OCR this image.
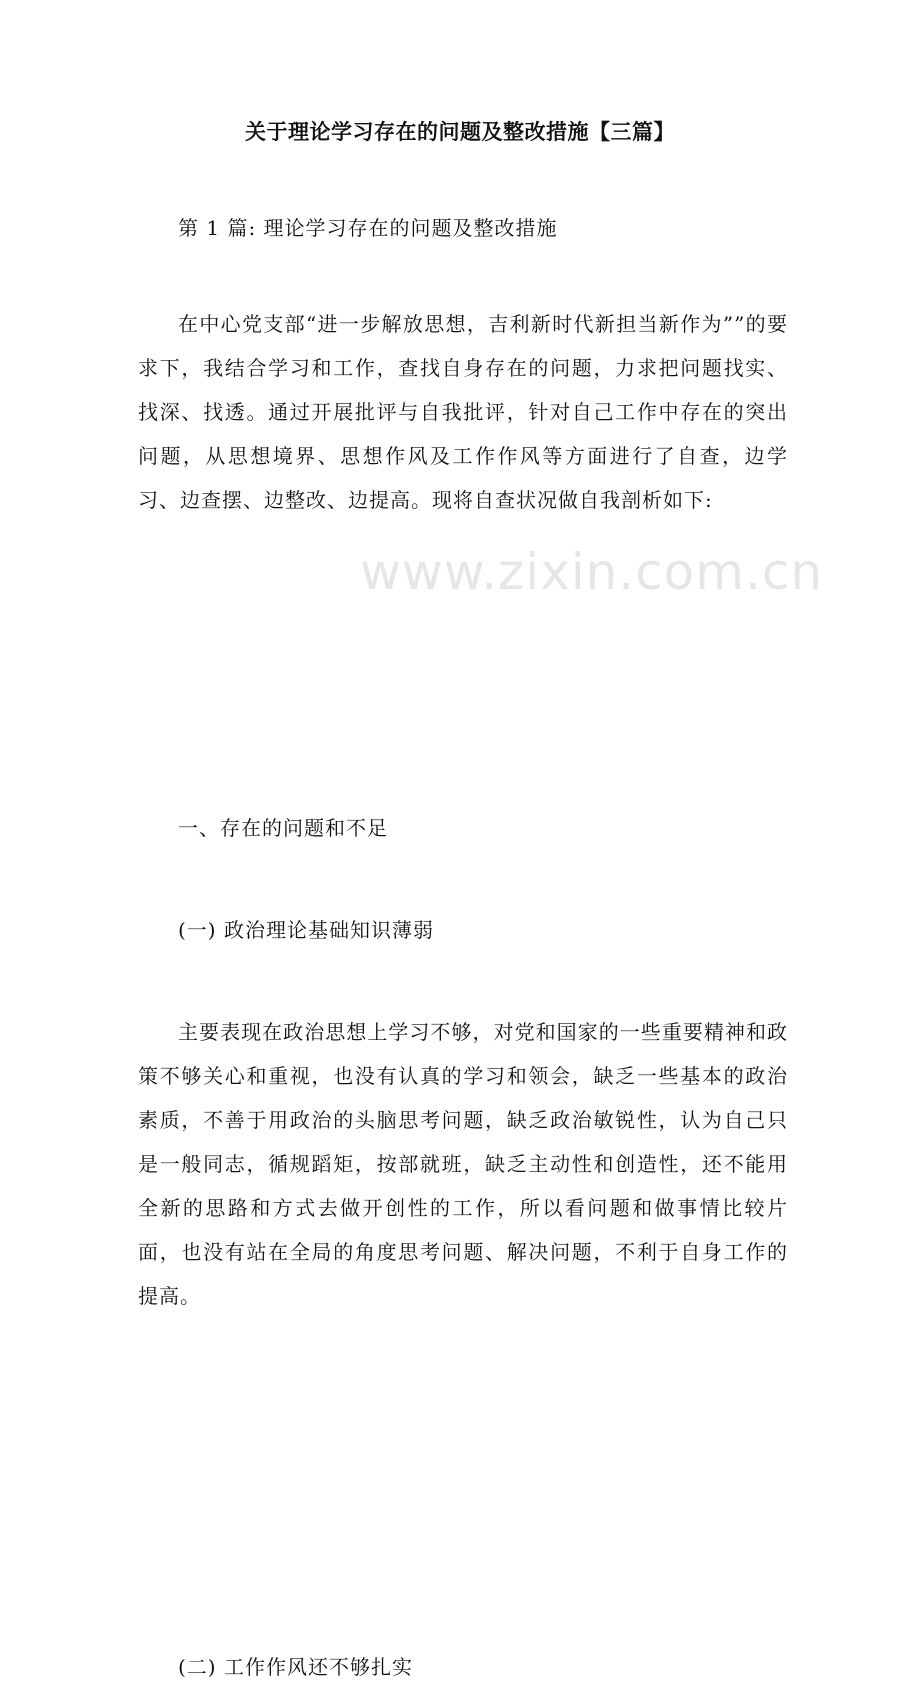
www.zixin.com.cn
关于理论学习存在的问题及整改措施【三篇】

第 1 篇: 理论学习存在的问题及整改措施

在中心党支部“进一步解放思想，吉利新时代新担当新作为””的要求下，我结合学习和工作，查找自身存在的问题，力求把问题找实、找深、找透。通过开展批评与自我批评，针对自己工作中存在的突出问题，从思想境界、思想作风及工作作风等方面进行了自查，边学习、边查摆、边整改、边提高。现将自查状况做自我剖析如下:

一、存在的问题和不足

(一) 政治理论基础知识薄弱

主要表现在政治思想上学习不够，对党和国家的一些重要精神和政策不够关心和重视，也没有认真的学习和领会，缺乏一些基本的政治素质，不善于用政治的头脑思考问题，缺乏政治敏锐性，认为自己只是一般同志，循规蹈矩，按部就班，缺乏主动性和创造性，还不能用全新的思路和方式去做开创性的工作，所以看问题和做事情比较片面，也没有站在全局的角度思考问题、解决问题，不利于自身工作的提高。

(二) 工作作风还不够扎实
